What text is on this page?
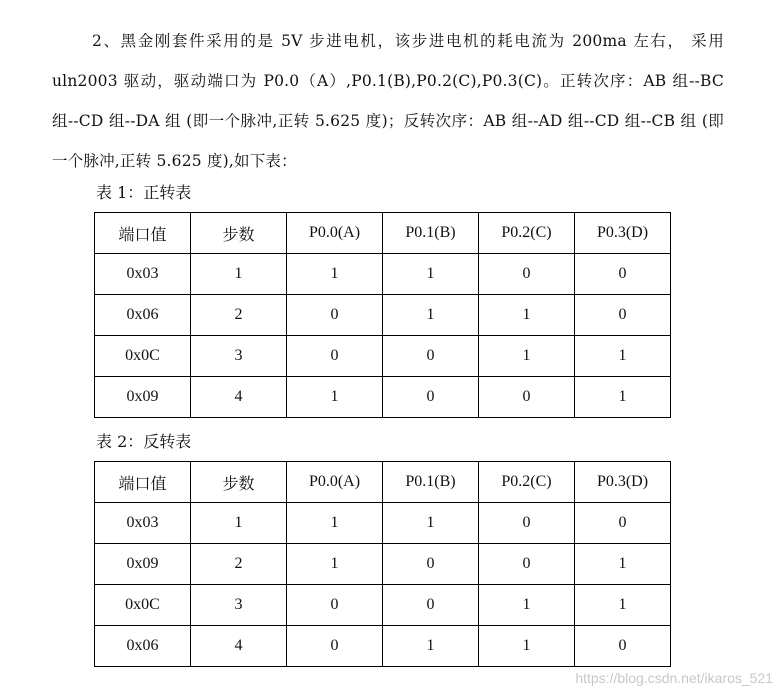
2、黑金刚套件采用的是 5V 步进电机，该步进电机的耗电流为 200ma 左右， 采用 uln2003 驱动，驱动端口为 P0.0（A）,P0.1(B),P0.2(C),P0.3(C)。正转次序：AB 组--BC 组--CD 组--DA 组 (即一个脉冲,正转 5.625 度)；反转次序：AB 组--AD 组--CD 组--CB 组 (即一个脉冲,正转 5.625 度),如下表：
表 1：正转表
端口值	步数	P0.0(A)	P0.1(B)	P0.2(C)	P0.3(D)
0x03	1	1	1	0	0
0x06	2	0	1	1	0
0x0C	3	0	0	1	1
0x09	4	1	0	0	1
表 2：反转表
端口值	步数	P0.0(A)	P0.1(B)	P0.2(C)	P0.3(D)
0x03	1	1	1	0	0
0x09	2	1	0	0	1
0x0C	3	0	0	1	1
0x06	4	0	1	1	0
https://blog.csdn.net/ikaros_521
